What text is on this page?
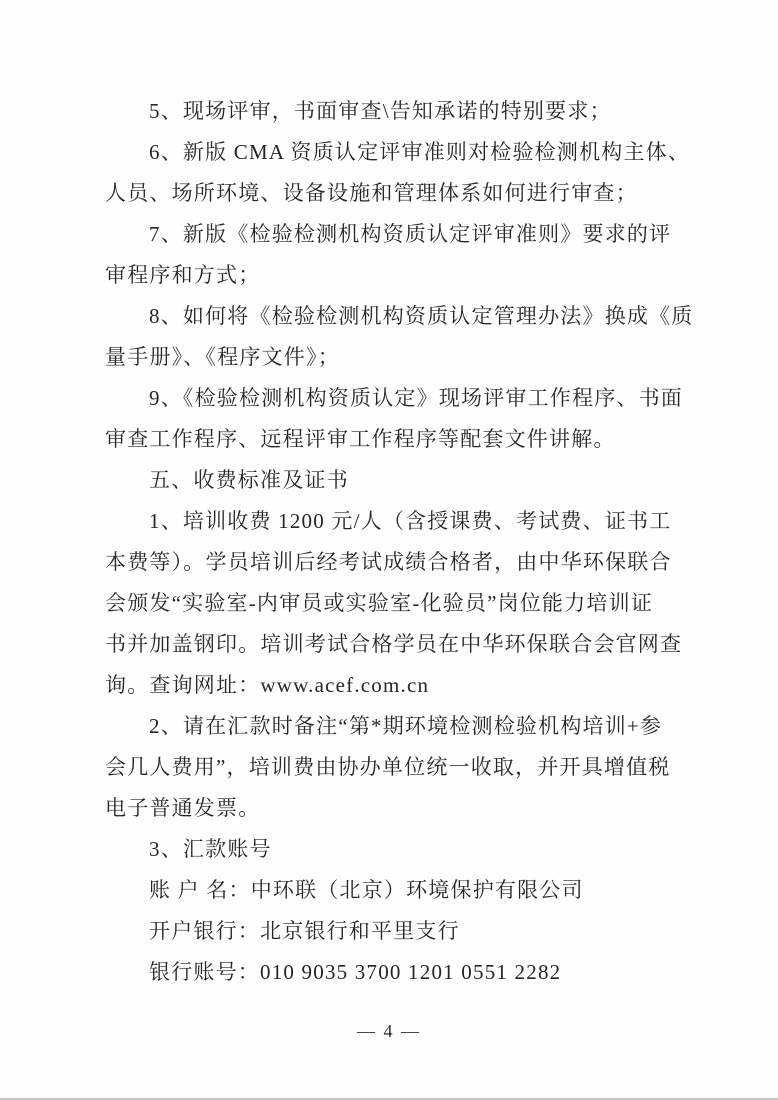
5、现场评审，书面审查\告知承诺的特别要求；
6、新版 CMA 资质认定评审准则对检验检测机构主体、
人员、场所环境、设备设施和管理体系如何进行审查；
7、新版《检验检测机构资质认定评审准则》要求的评
审程序和方式；
8、如何将《检验检测机构资质认定管理办法》换成《质
量手册》、《程序文件》；
9、《检验检测机构资质认定》现场评审工作程序、书面
审查工作程序、远程评审工作程序等配套文件讲解。
五、收费标准及证书
1、培训收费 1200 元/人（含授课费、考试费、证书工
本费等）。学员培训后经考试成绩合格者，由中华环保联合
会颁发“实验室-内审员或实验室-化验员”岗位能力培训证
书并加盖钢印。培训考试合格学员在中华环保联合会官网查
询。查询网址：www.acef.com.cn
2、请在汇款时备注“第*期环境检测检验机构培训+参
会几人费用”，培训费由协办单位统一收取，并开具增值税
电子普通发票。
3、汇款账号
账 户 名：中环联（北京）环境保护有限公司
开户银行：北京银行和平里支行
银行账号：010 9035 3700 1201 0551 2282
— 4 —
